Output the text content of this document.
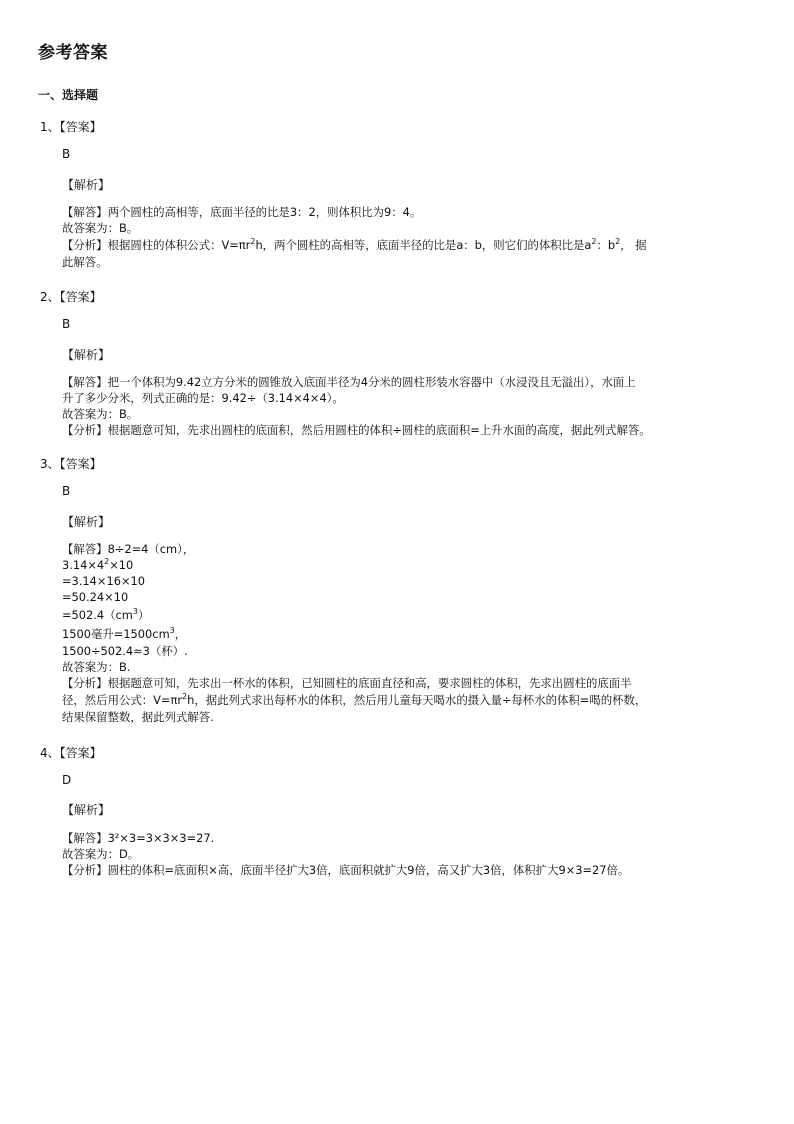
参考答案
一、选择题
1、【答案】
B
【解析】
【解答】两个圆柱的高相等，底面半径的比是3：2，则体积比为9：4。
故答案为：B。
【分析】根据圆柱的体积公式：$V=\pi r^2h$，两个圆柱的高相等，底面半径的比是a：b，则它们的体积比是$a^2$：$b^2$， 据
此解答。
2、【答案】
B
【解析】
【解答】把一个体积为9.42立方分米的圆锥放入底面半径为4分米的圆柱形装水容器中（水浸没且无溢出），水面上
升了多少分米，列式正确的是：9.42÷（3.14×4×4）。
故答案为：B。
【分析】根据题意可知，先求出圆柱的底面积，然后用圆柱的体积÷圆柱的底面积=上升水面的高度，据此列式解答。
3、【答案】
B
【解析】
【解答】8÷2=4（cm），
$3.14\times 4^2\times 10$
=3.14×16×10
=50.24×10
$=502.4(cm^3)$
1500毫升$=1500cm^3$，
1500÷502.4≈3（杯）.
故答案为：B.
【分析】根据题意可知，先求出一杯水的体积，已知圆柱的底面直径和高，要求圆柱的体积，先求出圆柱的底面半
径，然后用公式：$V=\pi r^2h$，据此列式求出每杯水的体积，然后用儿童每天喝水的摄入量÷每杯水的体积=喝的杯数，
结果保留整数，据此列式解答.
4、【答案】
D
【解析】
【解答】3²×3=3×3×3=27.
故答案为：D。
【分析】圆柱的体积=底面积×高，底面半径扩大3倍，底面积就扩大9倍，高又扩大3倍，体积扩大9×3=27倍。
